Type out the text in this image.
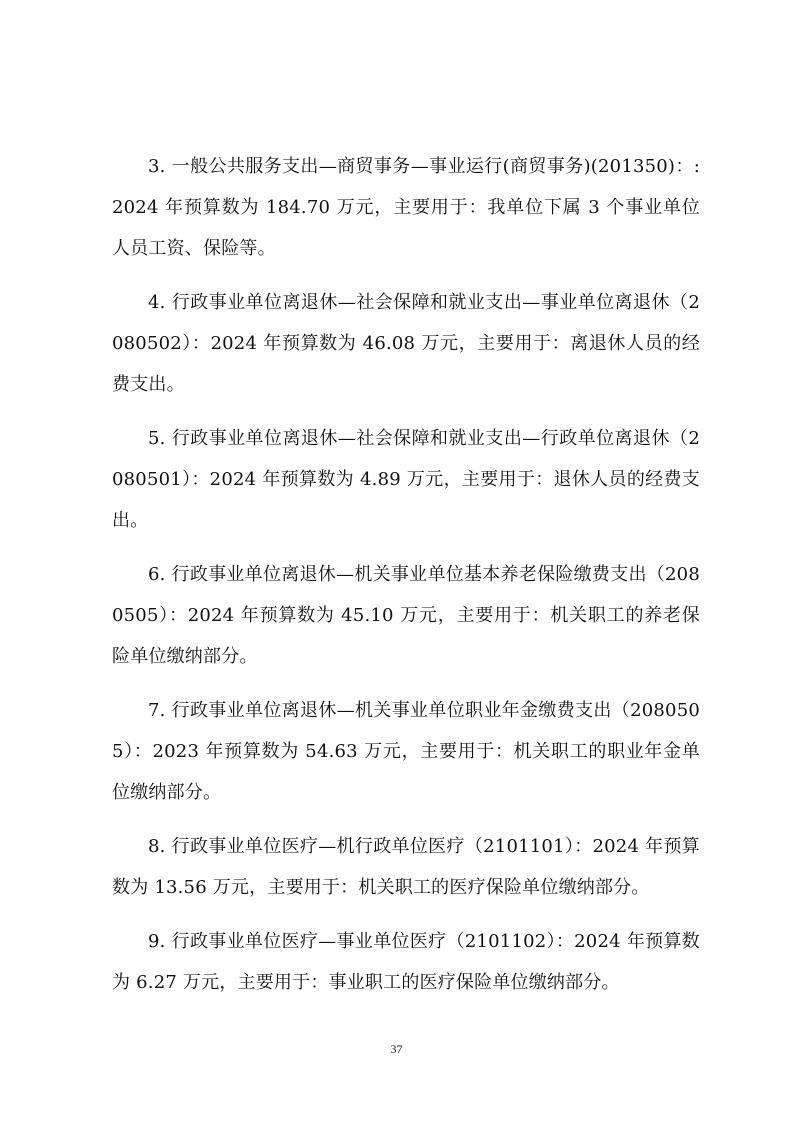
3. 一般公共服务支出—商贸事务—事业运行(商贸事务)(201350)：: 2024 年预算数为 184.70 万元，主要用于：我单位下属 3 个事业单位人员工资、保险等。

4. 行政事业单位离退休—社会保障和就业支出—事业单位离退休（2080502）：2024 年预算数为 46.08 万元，主要用于：离退休人员的经费支出。

5. 行政事业单位离退休—社会保障和就业支出—行政单位离退休（2080501）：2024 年预算数为 4.89 万元，主要用于：退休人员的经费支出。

6. 行政事业单位离退休—机关事业单位基本养老保险缴费支出（2080505）：2024 年预算数为 45.10 万元，主要用于：机关职工的养老保险单位缴纳部分。

7. 行政事业单位离退休—机关事业单位职业年金缴费支出（2080505）：2023 年预算数为 54.63 万元，主要用于：机关职工的职业年金单位缴纳部分。

8. 行政事业单位医疗—机行政单位医疗（2101101）：2024 年预算数为 13.56 万元，主要用于：机关职工的医疗保险单位缴纳部分。

9. 行政事业单位医疗—事业单位医疗（2101102）：2024 年预算数为 6.27 万元，主要用于：事业职工的医疗保险单位缴纳部分。

37
